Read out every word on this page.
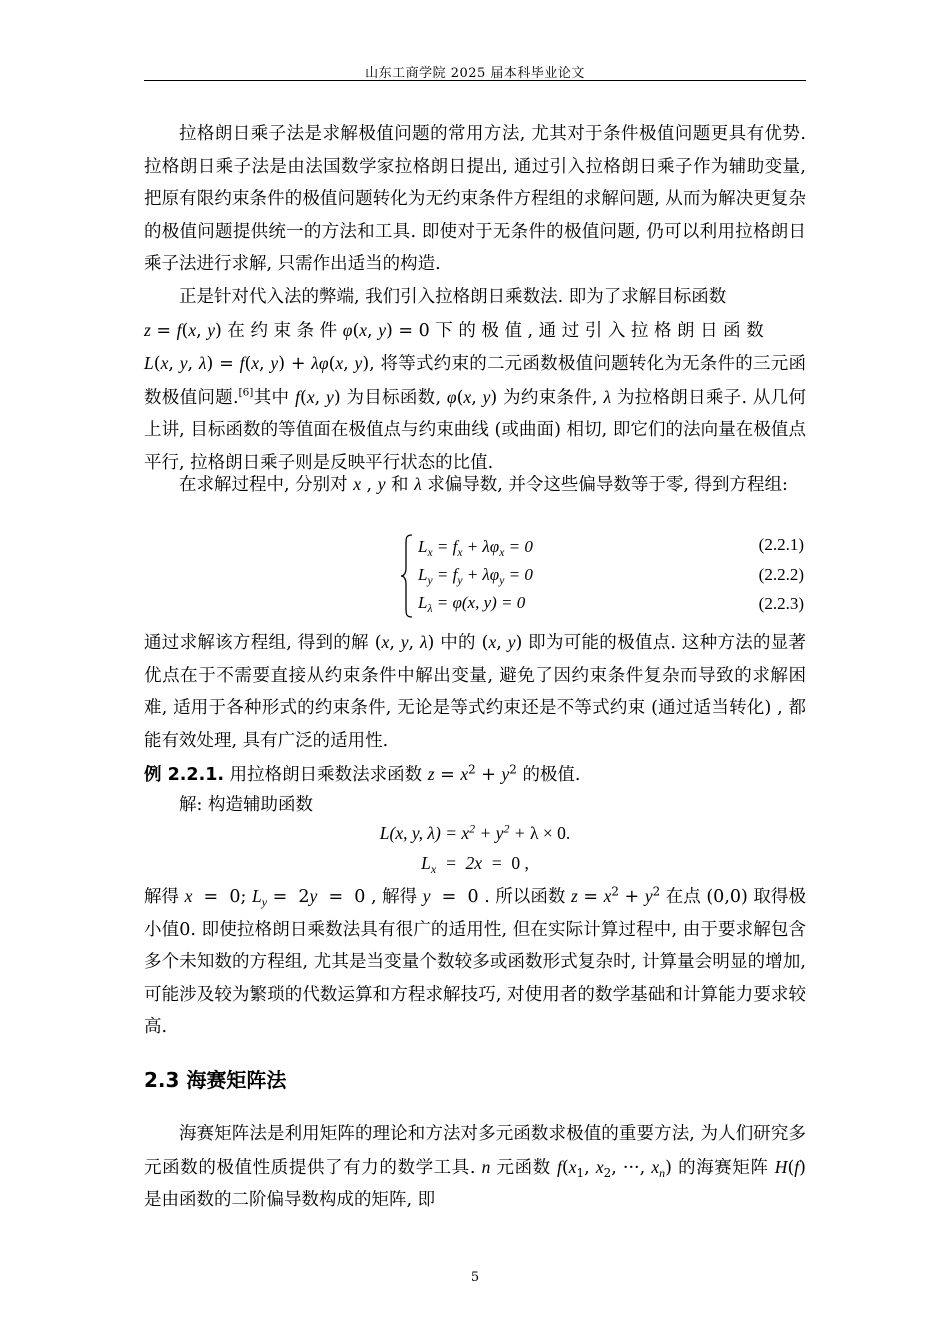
山东工商学院 2025 届本科毕业论文

拉格朗日乘子法是求解极值问题的常用方法, 尤其对于条件极值问题更具有优势. 拉格朗日乘子法是由法国数学家拉格朗日提出, 通过引入拉格朗日乘子作为辅助变量, 把原有限约束条件的极值问题转化为无约束条件方程组的求解问题, 从而为解决更复杂的极值问题提供统一的方法和工具. 即使对于无条件的极值问题, 仍可以利用拉格朗日乘子法进行求解, 只需作出适当的构造.

正是针对代入法的弊端, 我们引入拉格朗日乘数法. 即为了求解目标函数
z = f(x, y) 在 约 束 条 件 φ(x, y) = 0 下 的 极 值 , 通 过 引 入 拉 格 朗 日 函 数
L(x, y, λ) = f(x, y) + λφ(x, y), 将等式约束的二元函数极值问题转化为无条件的三元函数极值问题.[6]其中 f(x, y) 为目标函数, φ(x, y) 为约束条件, λ 为拉格朗日乘子. 从几何上讲, 目标函数的等值面在极值点与约束曲线 (或曲面) 相切, 即它们的法向量在极值点平行, 拉格朗日乘子则是反映平行状态的比值.

在求解过程中, 分别对 x , y 和 λ 求偏导数, 并令这些偏导数等于零, 得到方程组:

$L_x = f_x + \lambda\varphi_x = 0$	(2.2.1)
$L_y = f_y + \lambda\varphi_y = 0$	(2.2.2)
$L_\lambda = \varphi(x$, y) = 0	(2.2.3)

通过求解该方程组, 得到的解 (x, y, λ) 中的 (x, y) 即为可能的极值点. 这种方法的显著优点在于不需要直接从约束条件中解出变量, 避免了因约束条件复杂而导致的求解困难, 适用于各种形式的约束条件, 无论是等式约束还是不等式约束 (通过适当转化) , 都能有效处理, 具有广泛的适用性.

例 2.2.1. 用拉格朗日乘数法求函数 $z = x^2 + y^2$ 的极值.

解: 构造辅助函数

L(x, y, $\lambda) = x^2 + y^2 + \lambda \times 0$.
$L_x = 2x = 0$ ,

解得 x  =  0; $L_y = 2y = 0$ , 解得 y  =  0 . 所以函数 $z = x^2 + y^2$ 在点 (0,0) 取得极小值0. 即使拉格朗日乘数法具有很广的适用性, 但在实际计算过程中, 由于要求解包含多个未知数的方程组, 尤其是当变量个数较多或函数形式复杂时, 计算量会明显的增加, 可能涉及较为繁琐的代数运算和方程求解技巧, 对使用者的数学基础和计算能力要求较高.

2.3 海赛矩阵法

海赛矩阵法是利用矩阵的理论和方法对多元函数求极值的重要方法, 为人们研究多元函数的极值性质提供了有力的数学工具. n 元函数 $f(x_1$, $x_2$, ···, $x_n$) 的海赛矩阵 H(f) 是由函数的二阶偏导数构成的矩阵, 即

5
